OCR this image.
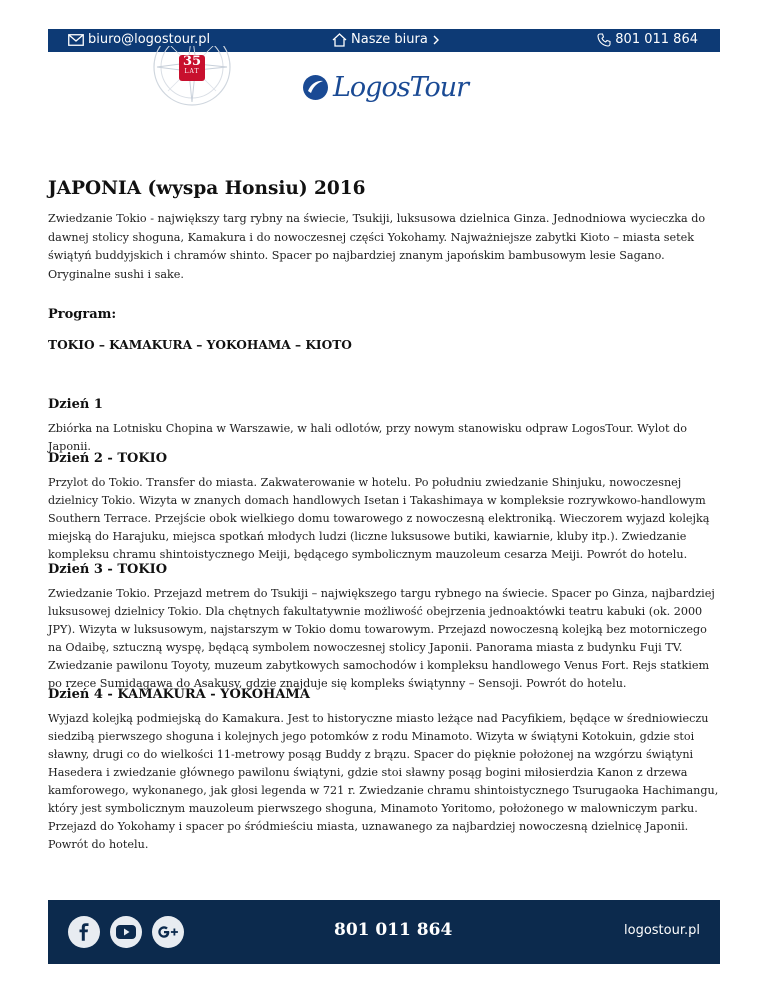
biuro@logostour.pl	Nasze biura	801 011 864
35
LAT
LogosTour
JAPONIA (wyspa Honsiu) 2016

Zwiedzanie Tokio - największy targ rybny na świecie, Tsukiji, luksusowa dzielnica Ginza. Jednodniowa wycieczka do dawnej stolicy shoguna, Kamakura i do nowoczesnej części Yokohamy. Najważniejsze zabytki Kioto – miasta setek świątyń buddyjskich i chramów shinto. Spacer po najbardziej znanym japońskim bambusowym lesie Sagano. Oryginalne sushi i sake.

Program:
TOKIO – KAMAKURA – YOKOHAMA – KIOTO
Dzień 1

Zbiórka na Lotnisku Chopina w Warszawie, w hali odlotów, przy nowym stanowisku odpraw LogosTour. Wylot do Japonii.

Dzień 2 - TOKIO

Przylot do Tokio. Transfer do miasta. Zakwaterowanie w hotelu. Po południu zwiedzanie Shinjuku, nowoczesnej dzielnicy Tokio. Wizyta w znanych domach handlowych Isetan i Takashimaya w kompleksie rozrywkowo-handlowym Southern Terrace. Przejście obok wielkiego domu towarowego z nowoczesną elektroniką. Wieczorem wyjazd kolejką miejską do Harajuku, miejsca spotkań młodych ludzi (liczne luksusowe butiki, kawiarnie, kluby itp.). Zwiedzanie kompleksu chramu shintoistycznego Meiji, będącego symbolicznym mauzoleum cesarza Meiji. Powrót do hotelu.

Dzień 3 - TOKIO

Zwiedzanie Tokio. Przejazd metrem do Tsukiji – największego targu rybnego na świecie. Spacer po Ginza, najbardziej luksusowej dzielnicy Tokio. Dla chętnych fakultatywnie możliwość obejrzenia jednoaktówki teatru kabuki (ok. 2000 JPY). Wizyta w luksusowym, najstarszym w Tokio domu towarowym. Przejazd nowoczesną kolejką bez motorniczego na Odaibę, sztuczną wyspę, będącą symbolem nowoczesnej stolicy Japonii. Panorama miasta z budynku Fuji TV. Zwiedzanie pawilonu Toyoty, muzeum zabytkowych samochodów i kompleksu handlowego Venus Fort. Rejs statkiem po rzece Sumidagawa do Asakusy, gdzie znajduje się kompleks świątynny – Sensoji. Powrót do hotelu.

Dzień 4 - KAMAKURA - YOKOHAMA

Wyjazd kolejką podmiejską do Kamakura. Jest to historyczne miasto leżące nad Pacyfikiem, będące w średniowieczu siedzibą pierwszego shoguna i kolejnych jego potomków z rodu Minamoto. Wizyta w świątyni Kotokuin, gdzie stoi sławny, drugi co do wielkości 11-metrowy posąg Buddy z brązu. Spacer do pięknie położonej na wzgórzu świątyni Hasedera i zwiedzanie głównego pawilonu świątyni, gdzie stoi sławny posąg bogini miłosierdzia Kanon z drzewa kamforowego, wykonanego, jak głosi legenda w 721 r. Zwiedzanie chramu shintoistycznego Tsurugaoka Hachimangu, który jest symbolicznym mauzoleum pierwszego shoguna, Minamoto Yoritomo, położonego w malowniczym parku. Przejazd do Yokohamy i spacer po śródmieściu miasta, uznawanego za najbardziej nowoczesną dzielnicę Japonii. Powrót do hotelu.

801 011 864	logostour.pl
